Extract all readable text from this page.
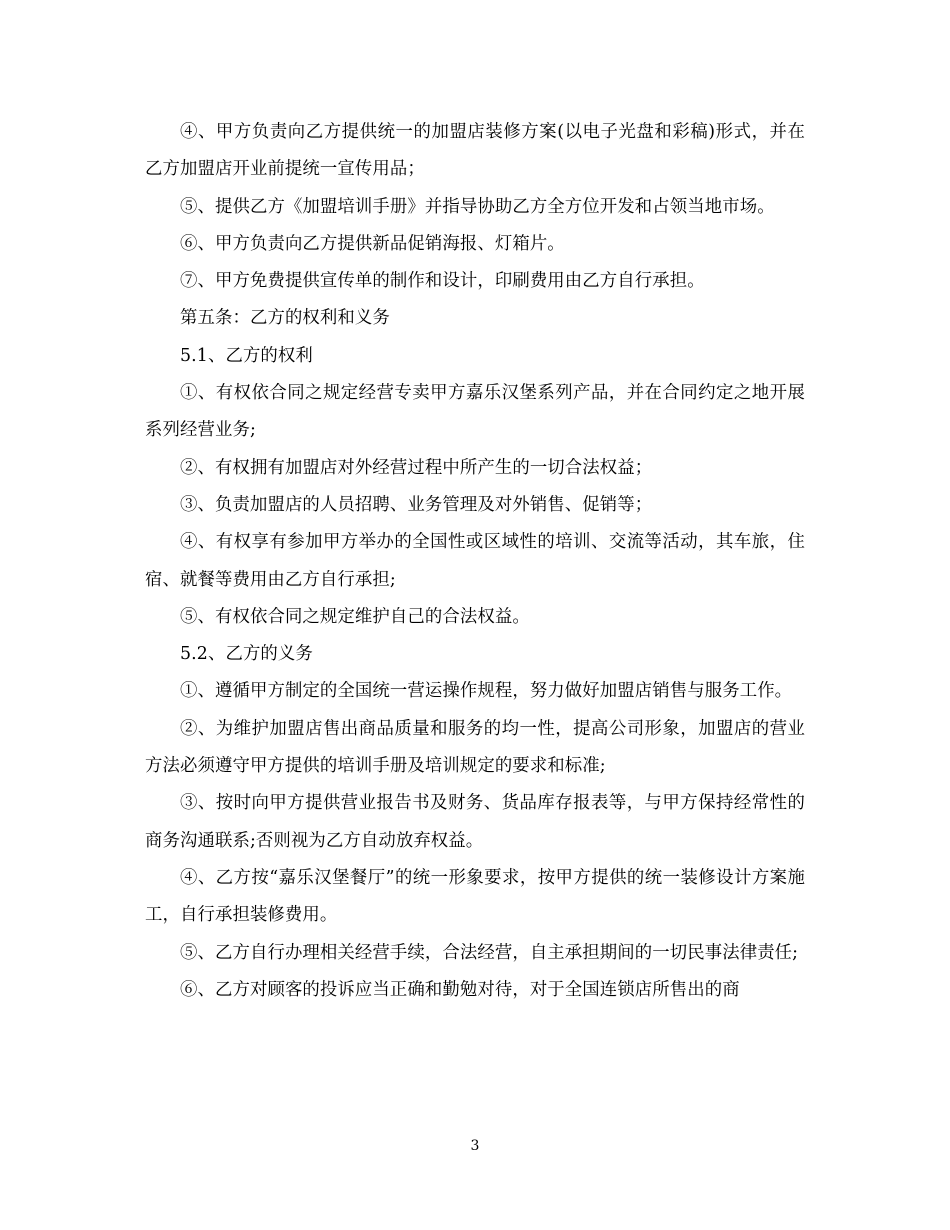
④、甲方负责向乙方提供统一的加盟店装修方案(以电子光盘和彩稿)形式，并在乙方加盟店开业前提统一宣传用品；

⑤、提供乙方《加盟培训手册》并指导协助乙方全方位开发和占领当地市场。

⑥、甲方负责向乙方提供新品促销海报、灯箱片。

⑦、甲方免费提供宣传单的制作和设计，印刷费用由乙方自行承担。

第五条：乙方的权利和义务

5.1、乙方的权利

①、有权依合同之规定经营专卖甲方嘉乐汉堡系列产品，并在合同约定之地开展系列经营业务;

②、有权拥有加盟店对外经营过程中所产生的一切合法权益；

③、负责加盟店的人员招聘、业务管理及对外销售、促销等；

④、有权享有参加甲方举办的全国性或区域性的培训、交流等活动，其车旅，住宿、就餐等费用由乙方自行承担;

⑤、有权依合同之规定维护自己的合法权益。

5.2、乙方的义务

①、遵循甲方制定的全国统一营运操作规程，努力做好加盟店销售与服务工作。

②、为维护加盟店售出商品质量和服务的均一性，提高公司形象，加盟店的营业方法必须遵守甲方提供的培训手册及培训规定的要求和标准;

③、按时向甲方提供营业报告书及财务、货品库存报表等，与甲方保持经常性的商务沟通联系;否则视为乙方自动放弃权益。

④、乙方按“嘉乐汉堡餐厅”的统一形象要求，按甲方提供的统一装修设计方案施工，自行承担装修费用。

⑤、乙方自行办理相关经营手续，合法经营，自主承担期间的一切民事法律责任;

⑥、乙方对顾客的投诉应当正确和勤勉对待，对于全国连锁店所售出的商

3
